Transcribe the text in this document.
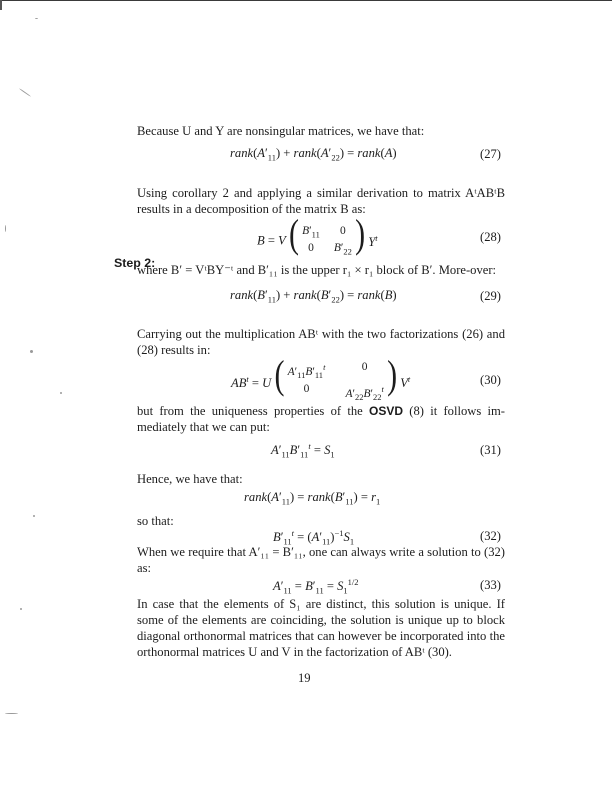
Because U and Y are nonsingular matrices, we have that:
$rank(A'_{11})$ + $rank(A'_{22})$ = rank(A)	(27)
Using corollary 2 and applying a similar derivation to matrix AᵗABᵗB results in a decomposition of the matrix B as:
B = V ( $B'_{11}$	0
0	$B'_{22}$ ) $Y^t$	(28)
where B′ = VᵗBY⁻ᵗ and B′₁₁ is the upper r₁ × r₁ block of B′. More-over:
$rank(B'_{11})$ + $rank(B'_{22})$ = rank(B)	(29)
Step 2:
Carrying out the multiplication ABᵗ with the two factorizations (26) and (28) results in:
$AB^t = U$ ( $A'_{11}B'_{11}^t$	0
0	$A'_{22}B'_{22}^t$ ) $V^t$	(30)
but from the uniqueness properties of the OSVD (8) it follows im-mediately that we can put:
$A'_{11}B'_{11}^t = S_1$	(31)
Hence, we have that:
$rank(A'_{11})$ = $rank(B'_{11}) = r_1$
so that:
$B'_{11}^t = (A'_{11})^{-1}S_1$	(32)
When we require that A′₁₁ = B′₁₁, one can always write a solution to (32) as:
$A'_{11} = B'_{11} = S_1^{1/2}$	(33)
In case that the elements of S₁ are distinct, this solution is unique. If some of the elements are coinciding, the solution is unique up to block diagonal orthonormal matrices that can however be incorporated into the orthonormal matrices U and V in the factorization of ABᵗ (30).
19
